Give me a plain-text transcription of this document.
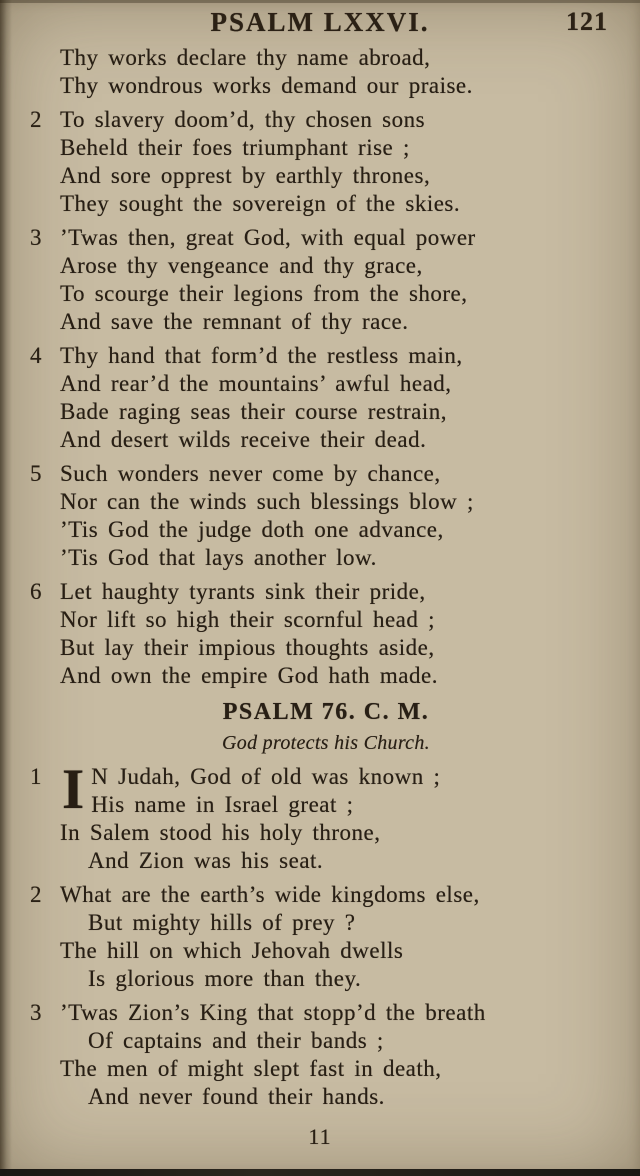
PSALM LXXVI.	121
Thy works declare thy name abroad,
Thy wondrous works demand our praise.
2 To slavery doom’d, thy chosen sons
Beheld their foes triumphant rise ;
And sore opprest by earthly thrones,
They sought the sovereign of the skies.
3 ’Twas then, great God, with equal power
Arose thy vengeance and thy grace,
To scourge their legions from the shore,
And save the remnant of thy race.
4 Thy hand that form’d the restless main,
And rear’d the mountains’ awful head,
Bade raging seas their course restrain,
And desert wilds receive their dead.
5 Such wonders never come by chance,
Nor can the winds such blessings blow ;
’Tis God the judge doth one advance,
’Tis God that lays another low.
6 Let haughty tyrants sink their pride,
Nor lift so high their scornful head ;
But lay their impious thoughts aside,
And own the empire God hath made.
PSALM 76. C. M.
God protects his Church.
1 I N Judah, God of old was known ;
His name in Israel great ;
In Salem stood his holy throne,
And Zion was his seat.
2 What are the earth’s wide kingdoms else,
But mighty hills of prey ?
The hill on which Jehovah dwells
Is glorious more than they.
3 ’Twas Zion’s King that stopp’d the breath
Of captains and their bands ;
The men of might slept fast in death,
And never found their hands.
11
